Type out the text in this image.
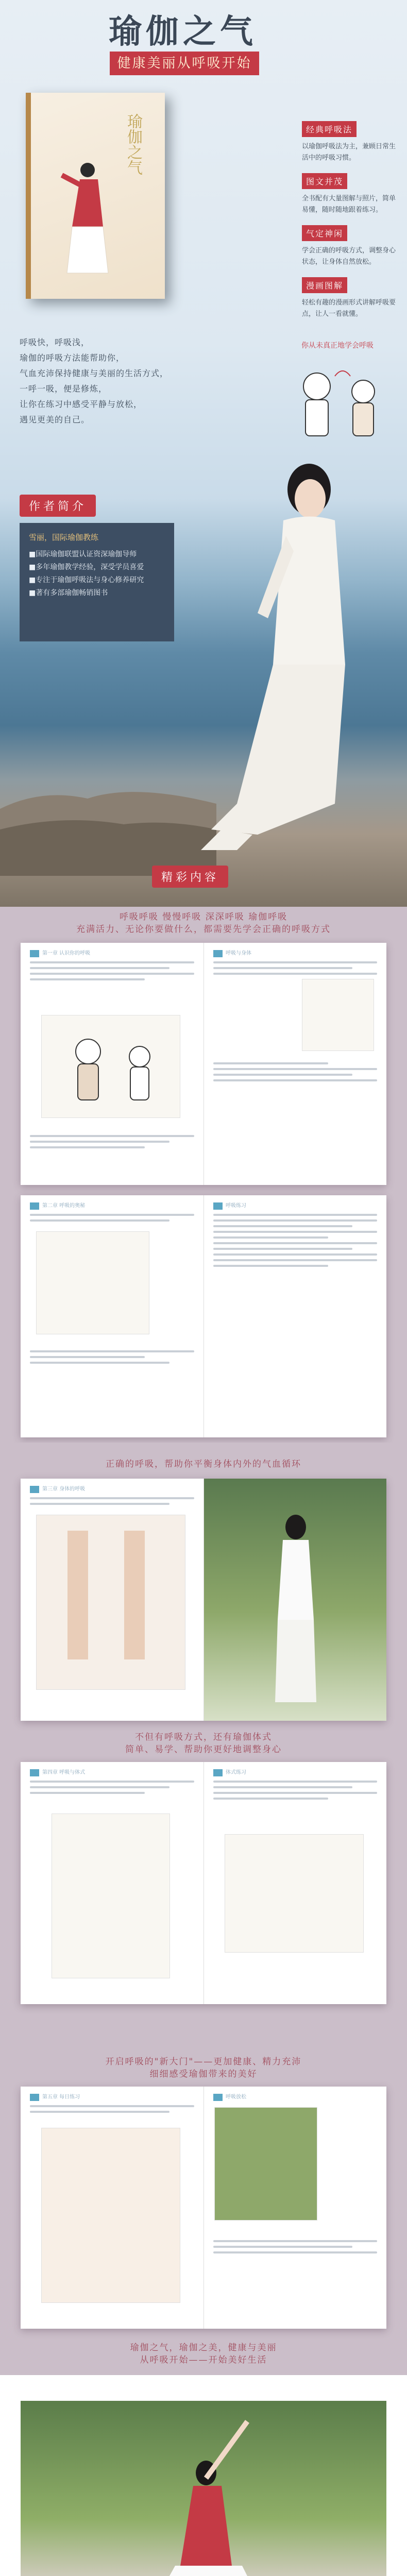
瑜伽之气
健康美丽从呼吸开始
瑜伽之气	经典呼吸法

以瑜伽呼吸法为主，兼顾日常生活中的呼吸习惯。

图文并茂

全书配有大量图解与照片，简单易懂，随时随地跟着练习。

气定神闲

学会正确的呼吸方式，调整身心状态，让身体自然放松。

漫画图解

轻松有趣的漫画形式讲解呼吸要点，让人一看就懂。

你从未真正地学会呼吸

呼吸快，呼吸浅，
瑜伽的呼吸方法能帮助你，
气血充沛保持健康与美丽的生活方式，
一呼一吸，便是修炼，
让你在练习中感受平静与放松，
遇见更美的自己。

作者简介
雪丽，国际瑜伽教练
■国际瑜伽联盟认证资深瑜伽导师
■多年瑜伽教学经验，深受学员喜爱
■专注于瑜伽呼吸法与身心修养研究
■著有多部瑜伽畅销图书
精彩内容
呼吸呼吸 慢慢呼吸 深深呼吸 瑜伽呼吸
充满活力、无论你要做什么，都需要先学会正确的呼吸方式
第一章 认识你的呼吸	呼吸与身体
第二章 呼吸的奥秘	呼吸练习
正确的呼吸，帮助你平衡身体内外的气血循环
第三章 身体的呼吸
不但有呼吸方式，还有瑜伽体式
简单、易学、帮助你更好地调整身心
第四章 呼吸与体式	体式练习
开启呼吸的"新大门"——更加健康、精力充沛
细细感受瑜伽带来的美好
第五章 每日练习	呼吸放松
瑜伽之气，瑜伽之美，健康与美丽
从呼吸开始——开始美好生活
